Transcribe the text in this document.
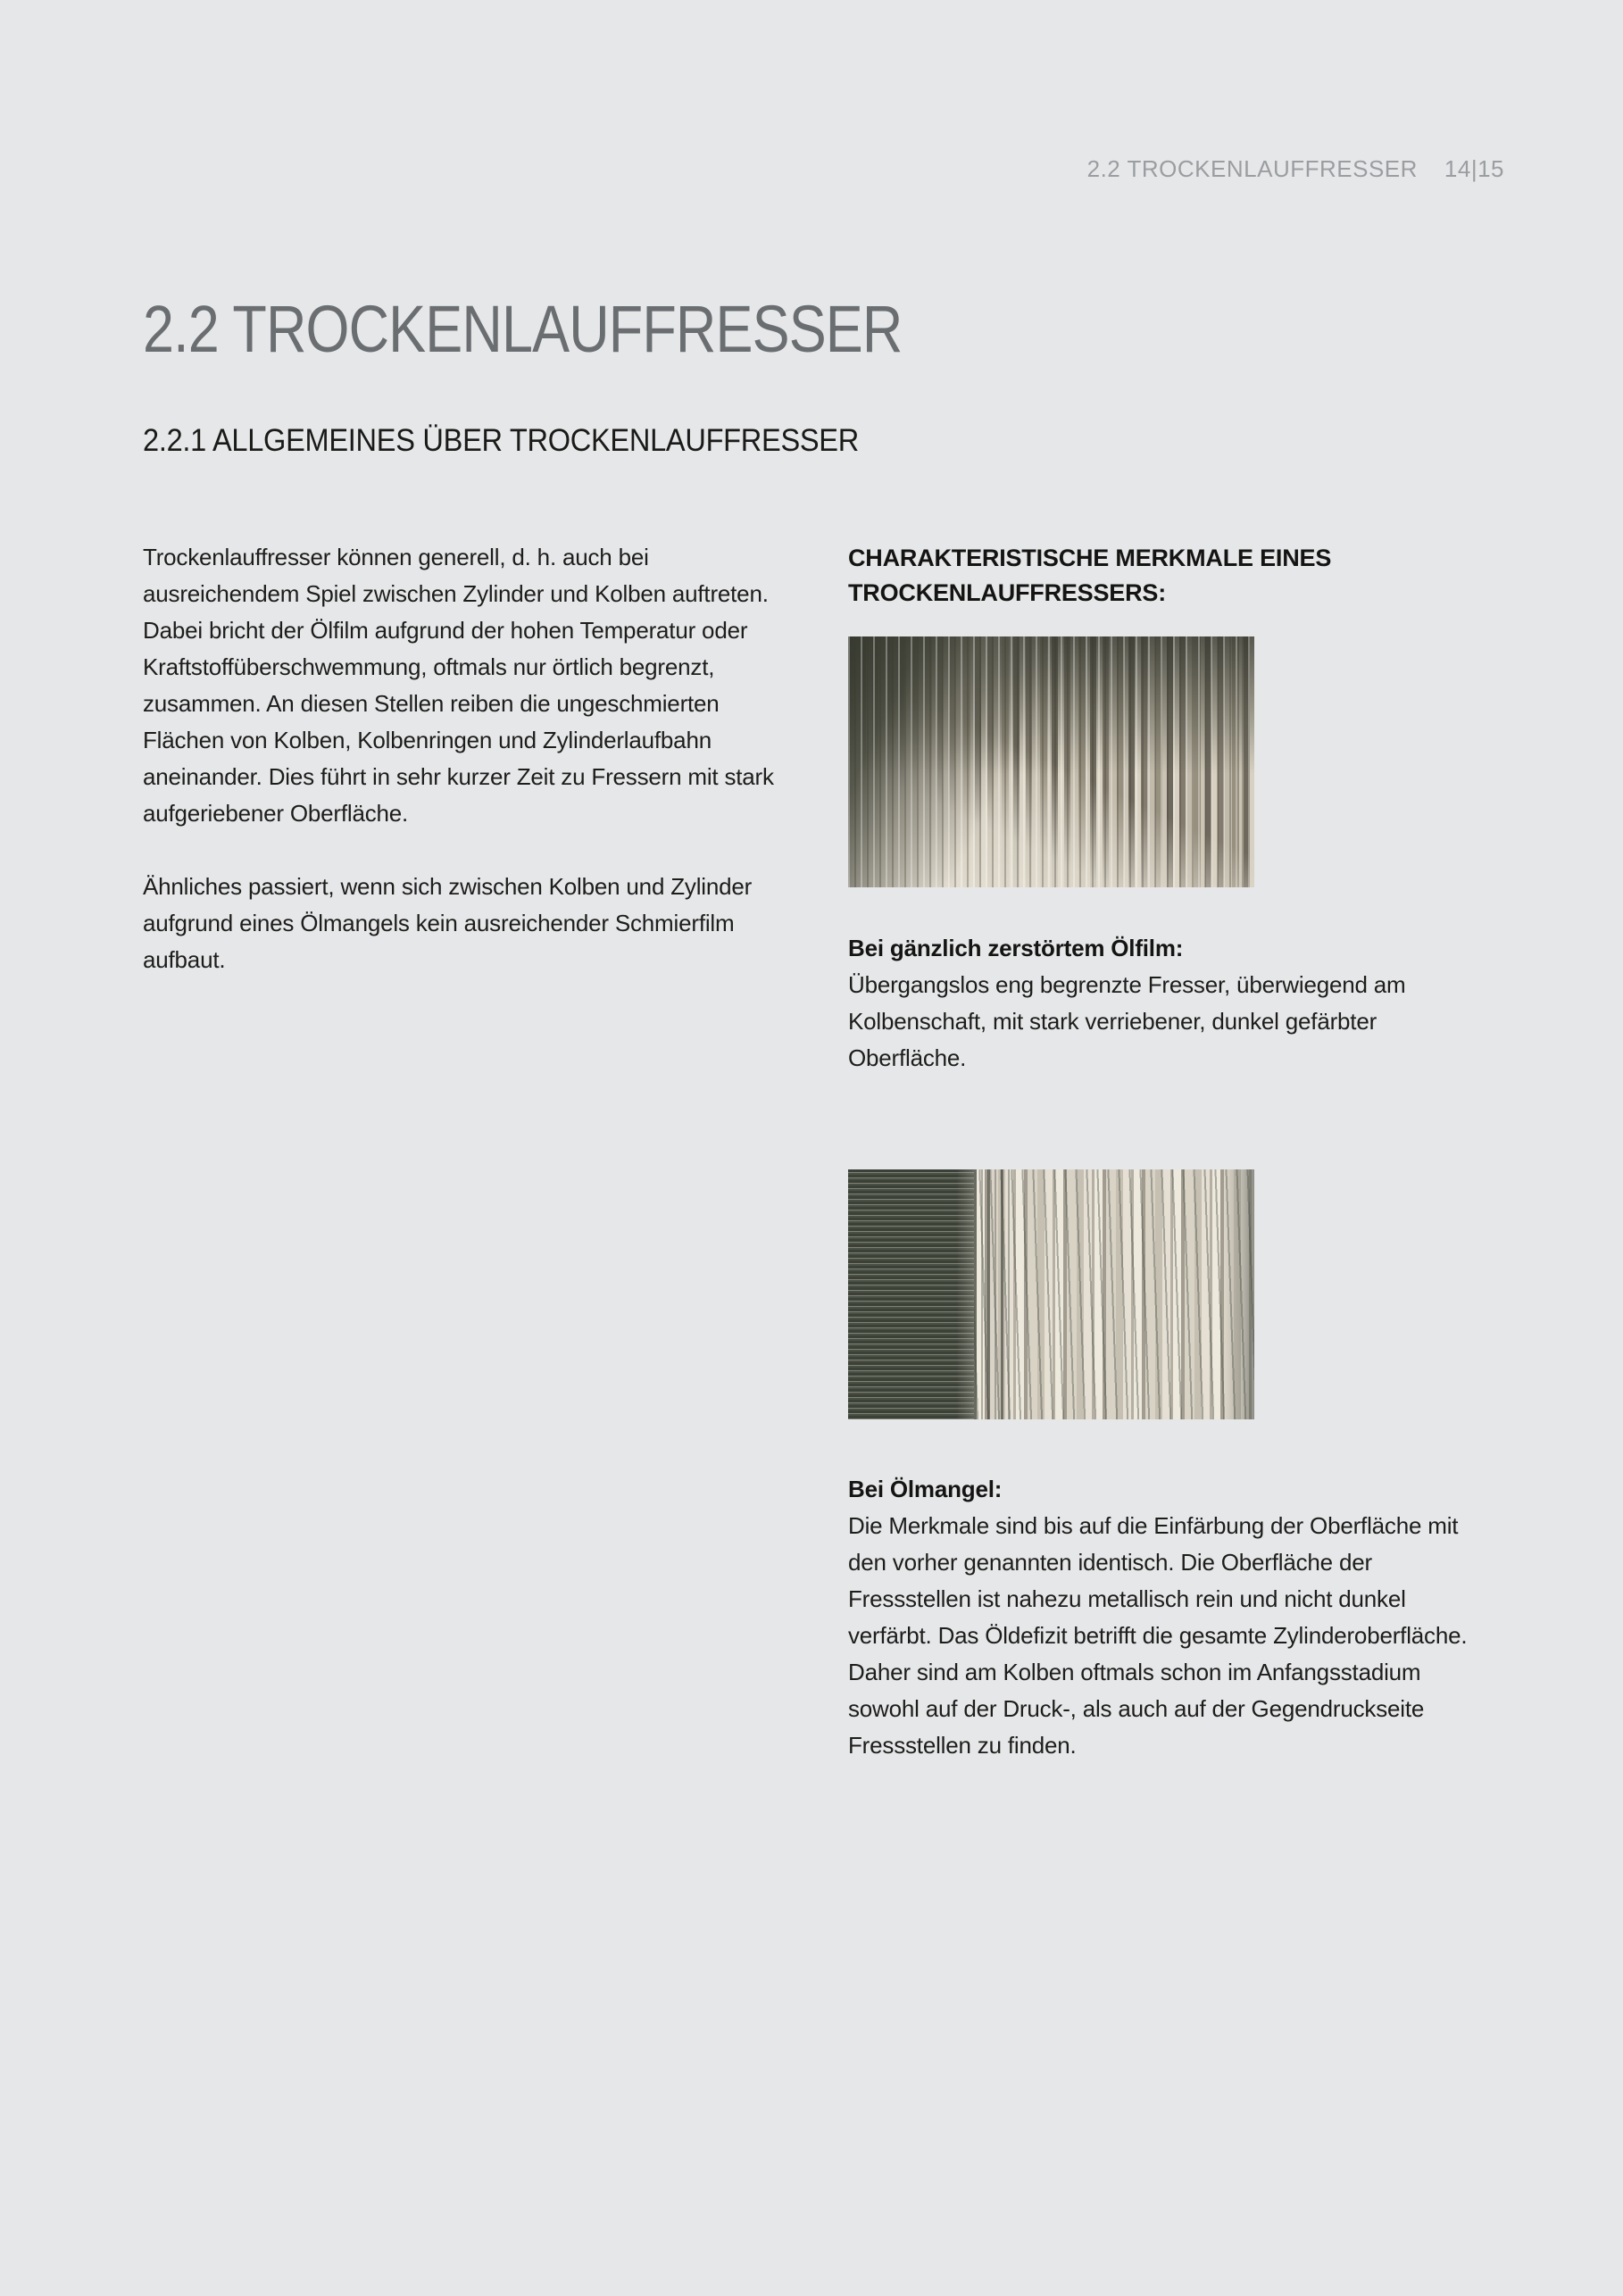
2.2 TROCKENLAUFFRESSER 14|15
2.2 TROCKENLAUFFRESSER
2.2.1 ALLGEMEINES ÜBER TROCKENLAUFFRESSER

Trockenlauffresser können generell, d. h. auch bei ausreichendem Spiel zwischen Zylinder und Kolben auftreten. Dabei bricht der Ölfilm aufgrund der hohen Temperatur oder Kraftstoffüberschwemmung, oftmals nur örtlich begrenzt, zusammen. An diesen Stellen reiben die ungeschmierten Flächen von Kolben, Kolbenringen und Zylinderlaufbahn aneinander. Dies führt in sehr kurzer Zeit zu Fressern mit stark aufgeriebener Oberfläche.

Ähnliches passiert, wenn sich zwischen Kolben und Zylinder aufgrund eines Ölmangels kein ausreichender Schmierfilm aufbaut.

CHARAKTERISTISCHE MERKMALE EINES TROCKENLAUFFRESSERS:

Bei gänzlich zerstörtem Ölfilm:

Übergangslos eng begrenzte Fresser, überwiegend am Kolbenschaft, mit stark verriebener, dunkel gefärbter Oberfläche.

Bei Ölmangel:

Die Merkmale sind bis auf die Einfärbung der Oberfläche mit den vorher genannten identisch. Die Oberfläche der Fressstellen ist nahezu metallisch rein und nicht dunkel verfärbt. Das Öldefizit betrifft die gesamte Zylinderoberfläche. Daher sind am Kolben oftmals schon im Anfangsstadium sowohl auf der Druck-, als auch auf der Gegendruckseite Fressstellen zu finden.
